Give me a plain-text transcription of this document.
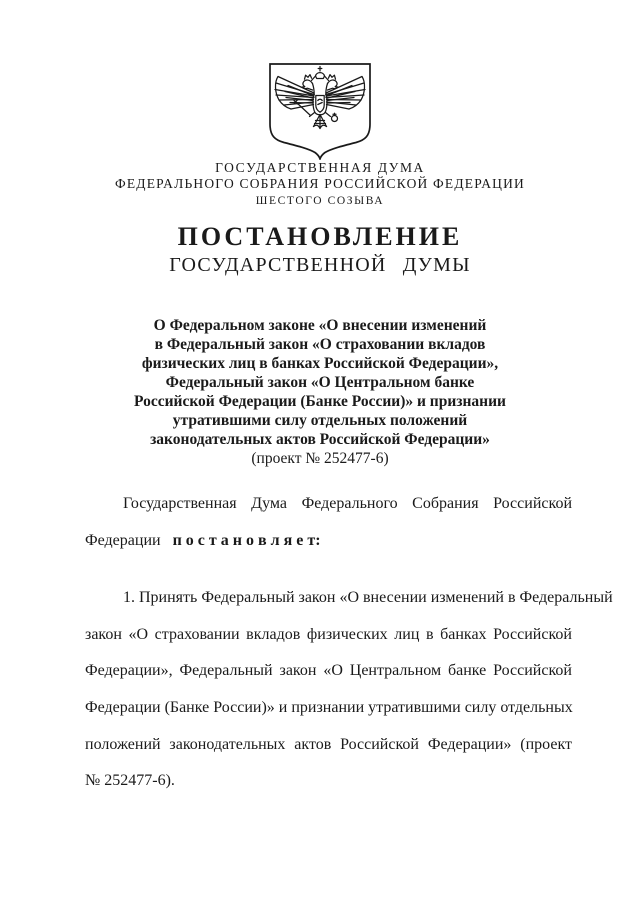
ГОСУДАРСТВЕННАЯ ДУМА
ФЕДЕРАЛЬНОГО СОБРАНИЯ РОССИЙСКОЙ ФЕДЕРАЦИИ
ШЕСТОГО СОЗЫВА
ПОСТАНОВЛЕНИЕ
ГОСУДАРСТВЕННОЙ ДУМЫ
О Федеральном законе «О внесении изменений
в Федеральный закон «О страховании вкладов
физических лиц в банках Российской Федерации»,
Федеральный закон «О Центральном банке
Российской Федерации (Банке России)» и признании
утратившими силу отдельных положений
законодательных актов Российской Федерации»
(проект № 252477-6)
Государственная Дума Федерального Собрания Российской
Федерации п о с т а н о в л я е т:
1. Принять Федеральный закон «О внесении изменений в Федеральный
закон «О страховании вкладов физических лиц в банках Российской
Федерации», Федеральный закон «О Центральном банке Российской
Федерации (Банке России)» и признании утратившими силу отдельных
положений законодательных актов Российской Федерации» (проект
№ 252477-6).
